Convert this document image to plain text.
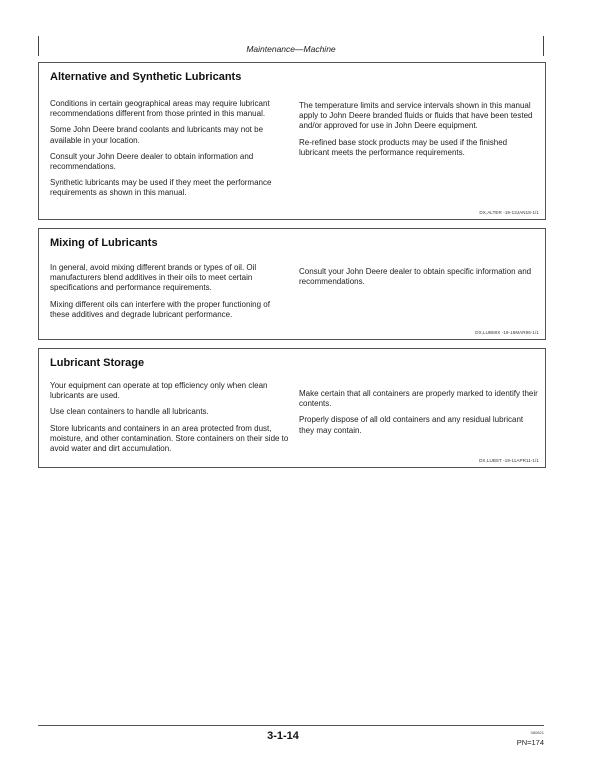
Maintenance—Machine
Alternative and Synthetic Lubricants

Conditions in certain geographical areas may require lubricant recommendations different from those printed in this manual.

Some John Deere brand coolants and lubricants may not be available in your location.

Consult your John Deere dealer to obtain information and recommendations.

Synthetic lubricants may be used if they meet the performance requirements as shown in this manual.

The temperature limits and service intervals shown in this manual apply to John Deere branded fluids or fluids that have been tested and/or approved for use in John Deere equipment.

Re-refined base stock products may be used if the finished lubricant meets the performance requirements.

DX,ALTER -19-13JAN18-1/1
Mixing of Lubricants

In general, avoid mixing different brands or types of oil. Oil manufacturers blend additives in their oils to meet certain specifications and performance requirements.

Mixing different oils can interfere with the proper functioning of these additives and degrade lubricant performance.

Consult your John Deere dealer to obtain specific information and recommendations.

DX,LUBMIX -19-18MAR96-1/1
Lubricant Storage

Your equipment can operate at top efficiency only when clean lubricants are used.

Use clean containers to handle all lubricants.

Store lubricants and containers in an area protected from dust, moisture, and other contamination. Store containers on their side to avoid water and dirt accumulation.

Make certain that all containers are properly marked to identify their contents.

Properly dispose of all old containers and any residual lubricant they may contain.

DX,LUBST -19-11APR11-1/1
3-1-14	080621
PN=174
